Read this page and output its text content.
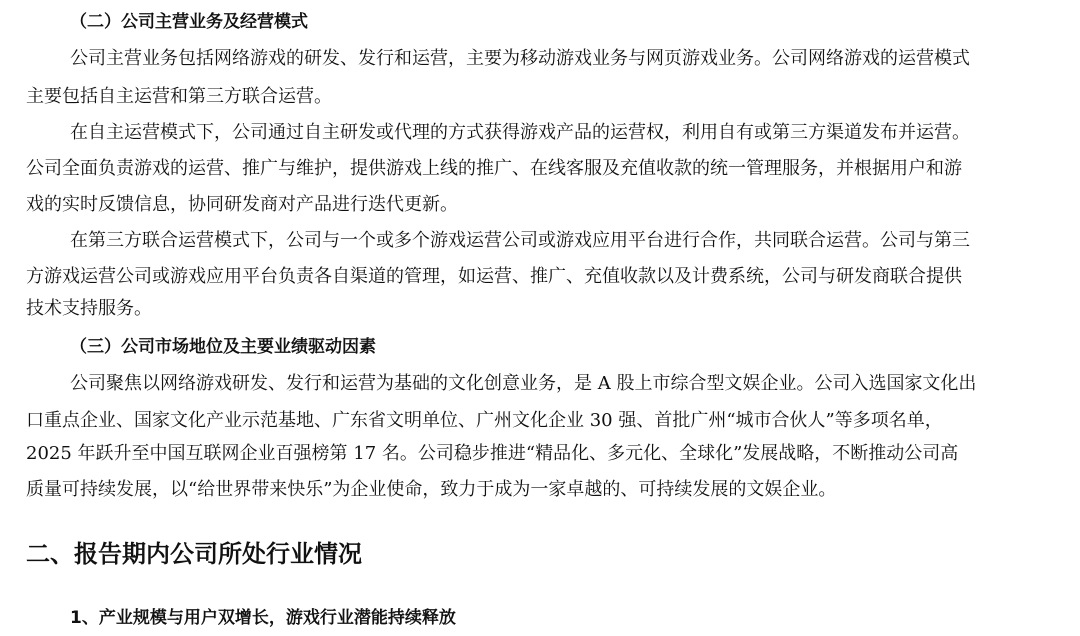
（二）公司主营业务及经营模式
公司主营业务包括网络游戏的研发、发行和运营，主要为移动游戏业务与网页游戏业务。公司网络游戏的运营模式
主要包括自主运营和第三方联合运营。
在自主运营模式下，公司通过自主研发或代理的方式获得游戏产品的运营权，利用自有或第三方渠道发布并运营。
公司全面负责游戏的运营、推广与维护，提供游戏上线的推广、在线客服及充值收款的统一管理服务，并根据用户和游
戏的实时反馈信息，协同研发商对产品进行迭代更新。
在第三方联合运营模式下，公司与一个或多个游戏运营公司或游戏应用平台进行合作，共同联合运营。公司与第三
方游戏运营公司或游戏应用平台负责各自渠道的管理，如运营、推广、充值收款以及计费系统，公司与研发商联合提供
技术支持服务。
（三）公司市场地位及主要业绩驱动因素
公司聚焦以网络游戏研发、发行和运营为基础的文化创意业务，是 A 股上市综合型文娱企业。公司入选国家文化出
口重点企业、国家文化产业示范基地、广东省文明单位、广州文化企业 30 强、首批广州“城市合伙人”等多项名单，
2025 年跃升至中国互联网企业百强榜第 17 名。公司稳步推进“精品化、多元化、全球化”发展战略，不断推动公司高
质量可持续发展，以“给世界带来快乐”为企业使命，致力于成为一家卓越的、可持续发展的文娱企业。
二、报告期内公司所处行业情况
1、产业规模与用户双增长，游戏行业潜能持续释放
